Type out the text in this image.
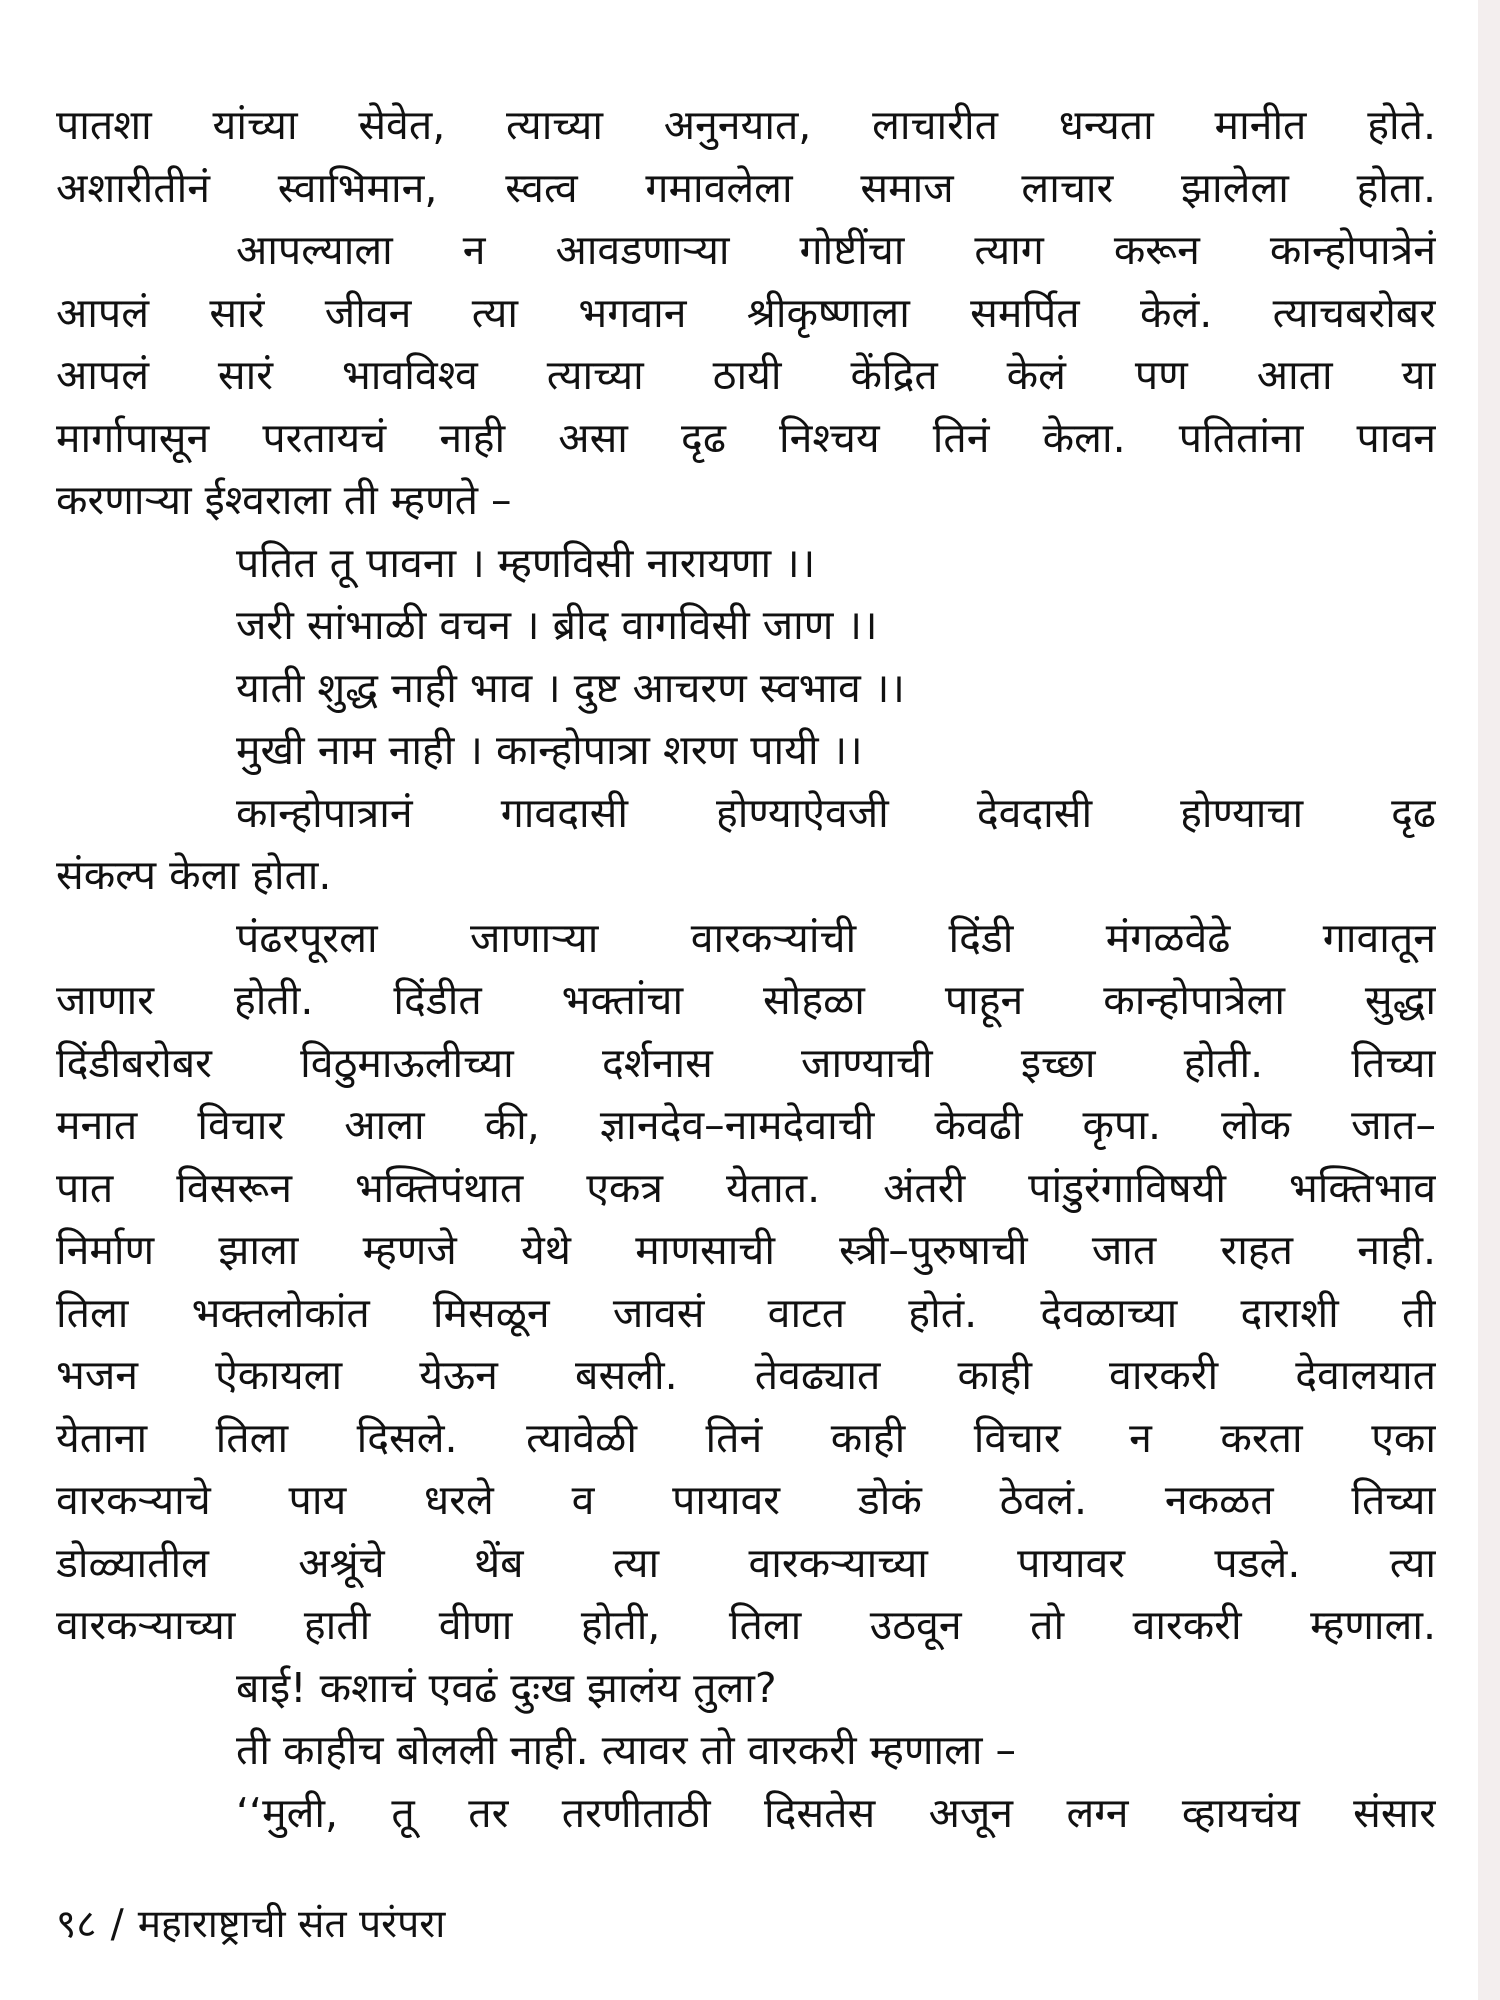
पातशा यांच्या सेवेत, त्याच्या अनुनयात, लाचारीत धन्यता मानीत होते.
अशारीतीनं स्वाभिमान, स्वत्व गमावलेला समाज लाचार झालेला होता.
आपल्याला न आवडणाऱ्या गोष्टींचा त्याग करून कान्होपात्रेनं
आपलं सारं जीवन त्या भगवान श्रीकृष्णाला समर्पित केलं. त्याचबरोबर
आपलं सारं भावविश्व त्याच्या ठायी केंद्रित केलं पण आता या
मार्गापासून परतायचं नाही असा दृढ निश्चय तिनं केला. पतितांना पावन
करणाऱ्या ईश्वराला ती म्हणते –
पतित तू पावना । म्हणविसी नारायणा ।।
जरी सांभाळी वचन । ब्रीद वागविसी जाण ।।
याती शुद्ध नाही भाव । दुष्ट आचरण स्वभाव ।।
मुखी नाम नाही । कान्होपात्रा शरण पायी ।।
कान्होपात्रानं गावदासी होण्याऐवजी देवदासी होण्याचा दृढ
संकल्प केला होता.
पंढरपूरला जाणाऱ्या वारकऱ्यांची दिंडी मंगळवेढे गावातून
जाणार होती. दिंडीत भक्तांचा सोहळा पाहून कान्होपात्रेला सुद्धा
दिंडीबरोबर विठुमाऊलीच्या दर्शनास जाण्याची इच्छा होती. तिच्या
मनात विचार आला की, ज्ञानदेव–नामदेवाची केवढी कृपा. लोक जात–
पात विसरून भक्तिपंथात एकत्र येतात. अंतरी पांडुरंगाविषयी भक्तिभाव
निर्माण झाला म्हणजे येथे माणसाची स्त्री–पुरुषाची जात राहत नाही.
तिला भक्तलोकांत मिसळून जावसं वाटत होतं. देवळाच्या दाराशी ती
भजन ऐकायला येऊन बसली. तेवढ्यात काही वारकरी देवालयात
येताना तिला दिसले. त्यावेळी तिनं काही विचार न करता एका
वारकऱ्याचे पाय धरले व पायावर डोकं ठेवलं. नकळत तिच्या
डोळ्यातील अश्रूंचे थेंब त्या वारकऱ्याच्या पायावर पडले. त्या
वारकऱ्याच्या हाती वीणा होती, तिला उठवून तो वारकरी म्हणाला.
बाई! कशाचं एवढं दुःख झालंय तुला?
ती काहीच बोलली नाही. त्यावर तो वारकरी म्हणाला –
‘‘मुली, तू तर तरणीताठी दिसतेस अजून लग्न व्हायचंय संसार
९८ / महाराष्ट्राची संत परंपरा
